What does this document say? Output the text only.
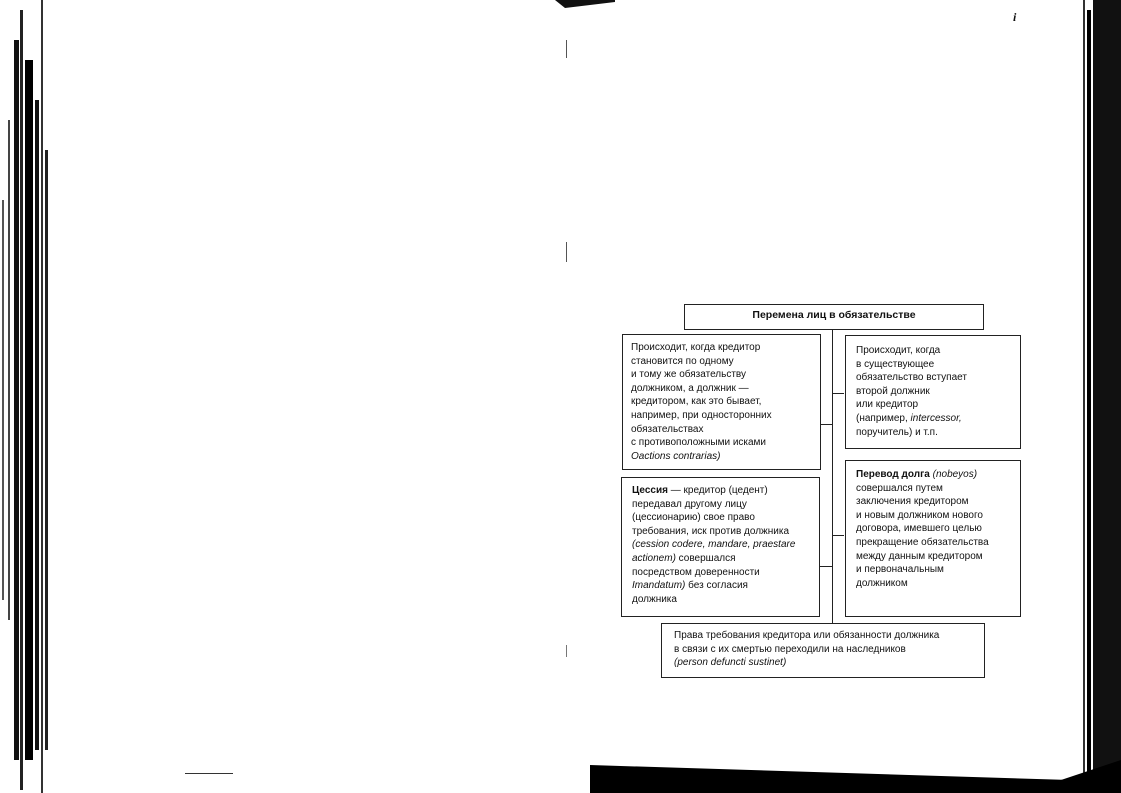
i
Перемена лиц в обязательстве
Происходит, когда кредитор
становится по одному
и тому же обязательству
должником, а должник —
кредитором, как это бывает,
например, при односторонних
обязательствах
с противоположными исками
Oactions contrarias)
Происходит, когда
в существующее
обязательство вступает
второй должник
или кредитор
(например, intercessor,
поручитель) и т.п.
Цессия — кредитор (цедент)
передавал другому лицу
(цессионарию) свое право
требования, иск против должника
(cession codere, mandare, praestare
actionem) совершался
посредством доверенности
Imandatum) без согласия
должника
Перевод долга (nobeyos)
совершался путем
заключения кредитором
и новым должником нового
договора, имевшего целью
прекращение обязательства
между данным кредитором
и первоначальным
должником
Права требования кредитора или обязанности должника
в связи с их смертью переходили на наследников
(person defuncti sustinet)
